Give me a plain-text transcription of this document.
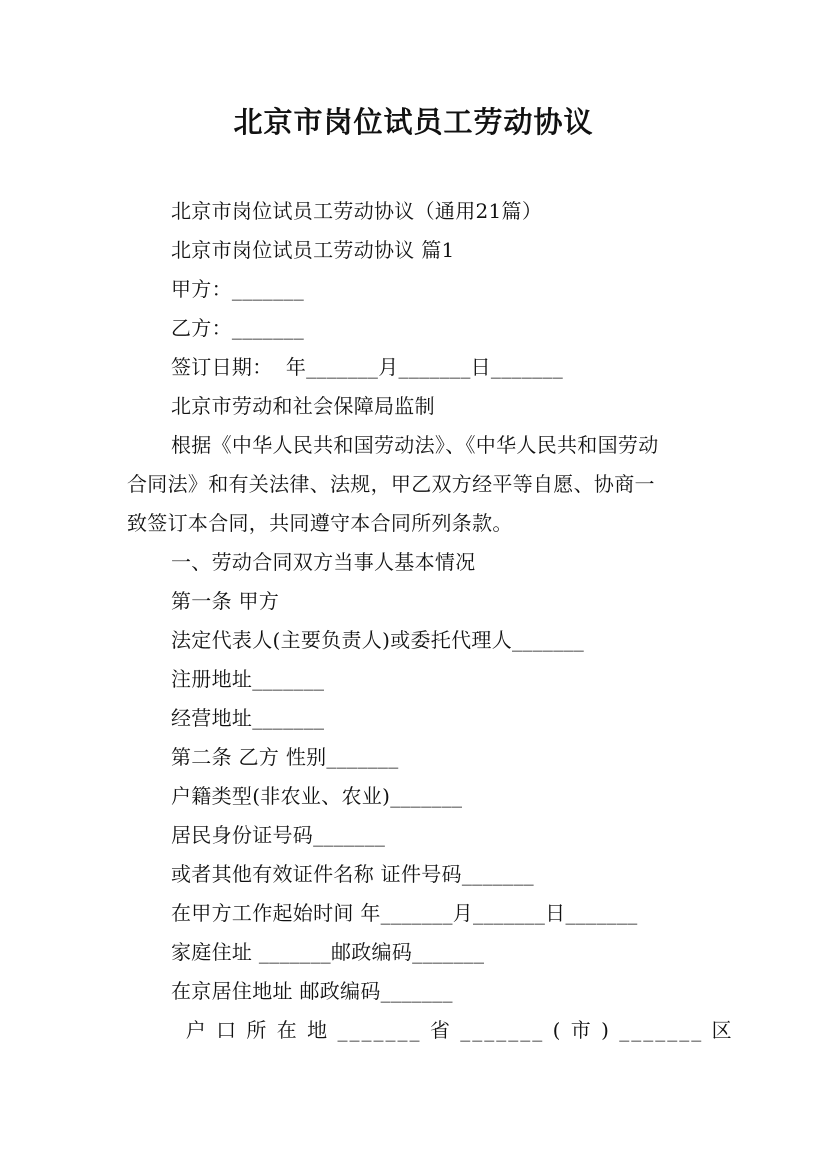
北京市岗位试员工劳动协议
北京市岗位试员工劳动协议（通用21篇）
北京市岗位试员工劳动协议 篇1
甲方：_______
乙方：_______
签订日期：  年_______月_______日_______
北京市劳动和社会保障局监制
根据《中华人民共和国劳动法》、《中华人民共和国劳动
合同法》和有关法律、法规，甲乙双方经平等自愿、协商一
致签订本合同，共同遵守本合同所列条款。
一、劳动合同双方当事人基本情况
第一条 甲方
法定代表人(主要负责人)或委托代理人_______
注册地址_______
经营地址_______
第二条 乙方 性别_______
户籍类型(非农业、农业)_______
居民身份证号码_______
或者其他有效证件名称 证件号码_______
在甲方工作起始时间 年_______月_______日_______
家庭住址 _______邮政编码_______
在京居住地址 邮政编码_______
户 口 所 在 地 _______ 省 _______ ( 市 ) _______ 区
